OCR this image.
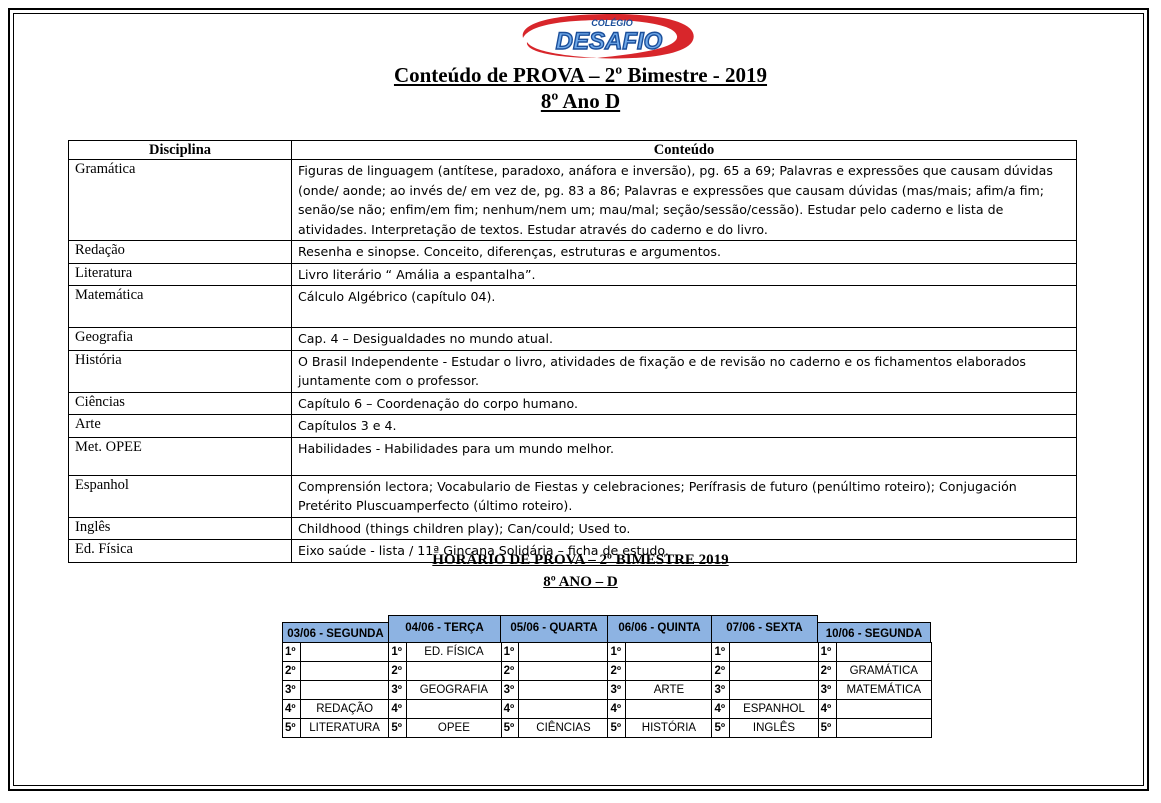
COLÉGIO
DESAFIO
Conteúdo de PROVA – 2º Bimestre - 2019
8º Ano D
Disciplina	Conteúdo
Gramática	Figuras de linguagem (antítese, paradoxo, anáfora e inversão), pg. 65 a 69; Palavras e expressões que causam dúvidas (onde/ aonde; ao invés de/ em vez de, pg. 83 a 86; Palavras e expressões que causam dúvidas (mas/mais; afim/a fim; senão/se não; enfim/em fim; nenhum/nem um; mau/mal; seção/sessão/cessão). Estudar pelo caderno e lista de atividades. Interpretação de textos. Estudar através do caderno e do livro.
Redação	Resenha e sinopse. Conceito, diferenças, estruturas e argumentos.
Literatura	Livro literário “ Amália a espantalha”.
Matemática	Cálculo Algébrico (capítulo 04).
Geografia	Cap. 4 – Desigualdades no mundo atual.
História	O Brasil Independente - Estudar o livro, atividades de fixação e de revisão no caderno e os fichamentos elaborados juntamente com o professor.
Ciências	Capítulo 6 – Coordenação do corpo humano.
Arte	Capítulos 3 e 4.
Met. OPEE	Habilidades - Habilidades para um mundo melhor.
Espanhol	Comprensión lectora; Vocabulario de Fiestas y celebraciones; Perífrasis de futuro (penúltimo roteiro); Conjugación Pretérito Pluscuamperfecto (último roteiro).
Inglês	Childhood (things children play); Can/could; Used to.
Ed. Física	Eixo saúde - lista / 11ª Gincana Solidária – ficha de estudo.
HORÁRIO DE PROVA – 2º BIMESTRE 2019
8º ANO – D
03/06 - SEGUNDA	04/06 - TERÇA	05/06 - QUARTA	06/06 - QUINTA	07/06 - SEXTA	10/06 - SEGUNDA
1º		1º	ED. FÍSICA	1º		1º		1º		1º	
2º		2º		2º		2º		2º		2º	GRAMÁTICA
3º		3º	GEOGRAFIA	3º		3º	ARTE	3º		3º	MATEMÁTICA
4º	REDAÇÃO	4º		4º		4º		4º	ESPANHOL	4º	
5º	LITERATURA	5º	OPEE	5º	CIÊNCIAS	5º	HISTÓRIA	5º	INGLÊS	5º	
